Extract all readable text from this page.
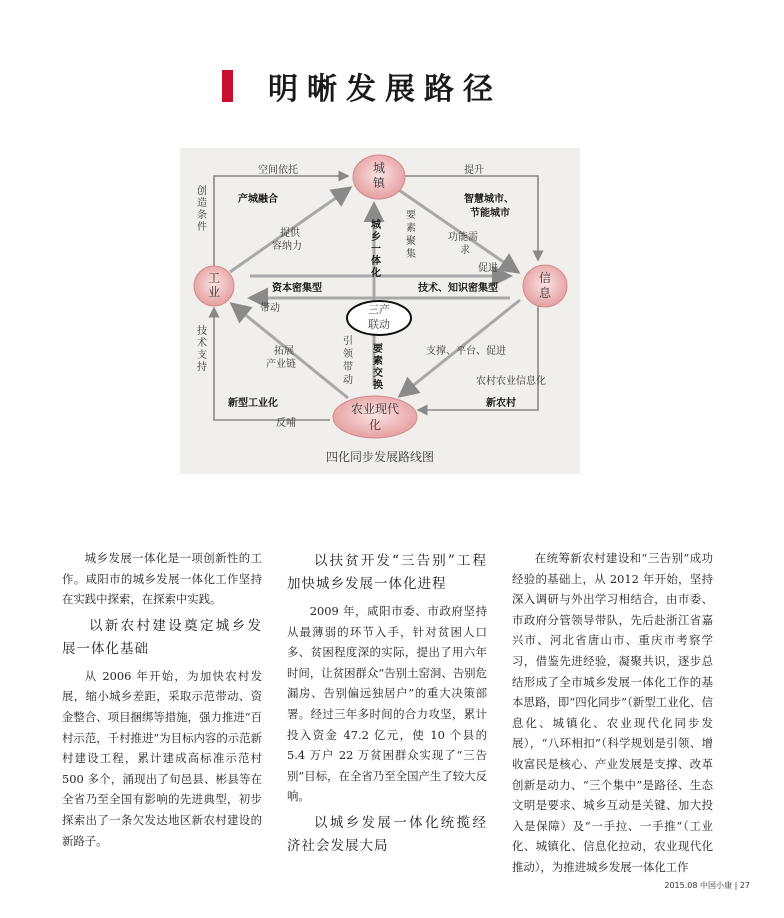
明晰发展路径
城
镇
工
业
信
息
农业现代
化
三产
联动
空间依托	提升
创
造
条
件
产城融合	智慧城市、
节能城市
提供
容纳力
城
乡
一
体
化
要
素
聚
集
功能需
求
促进
资本密集型	技术、知识密集型
带动
技
术
支
持
拓展
产业链
引
领
带
动
要
素
交
换
支撑、平台、促进
农村农业信息化
新型工业化	新农村
反哺
四化同步发展路线图

城乡发展一体化是一项创新性的工作。咸阳市的城乡发展一体化工作坚持在实践中探索，在探索中实践。

以新农村建设奠定城乡发展一体化基础

从 2006 年开始，为加快农村发展，缩小城乡差距，采取示范带动、资金整合、项目捆绑等措施，强力推进“百村示范，千村推进”为目标内容的示范新村建设工程，累计建成高标准示范村 500 多个，涌现出了旬邑县、彬县等在全省乃至全国有影响的先进典型，初步探索出了一条欠发达地区新农村建设的新路子。

以扶贫开发“三告别”工程加快城乡发展一体化进程

2009 年，咸阳市委、市政府坚持从最薄弱的环节入手，针对贫困人口多、贫困程度深的实际，提出了用六年时间，让贫困群众“告别土窑洞、告别危漏房、告别偏远独居户”的重大决策部署。经过三年多时间的合力攻坚，累计投入资金 47.2 亿元，使 10 个县的 5.4 万户 22 万贫困群众实现了“三告别”目标，在全省乃至全国产生了较大反响。

以城乡发展一体化统揽经济社会发展大局

在统筹新农村建设和“三告别”成功经验的基础上，从 2012 年开始，坚持深入调研与外出学习相结合，由市委、市政府分管领导带队，先后赴浙江省嘉兴市、河北省唐山市、重庆市考察学习，借鉴先进经验，凝聚共识，逐步总结形成了全市城乡发展一体化工作的基本思路，即“四化同步”（新型工业化、信息化、城镇化、农业现代化同步发展），“八环相扣”（科学规划是引领、增收富民是核心、产业发展是支撑、改革创新是动力、“三个集中”是路径、生态文明是要求、城乡互动是关键、加大投入是保障）及“一手拉、一手推”（工业化、城镇化、信息化拉动，农业现代化推动），为推进城乡发展一体化工作

2015.08 中国小康 | 27
